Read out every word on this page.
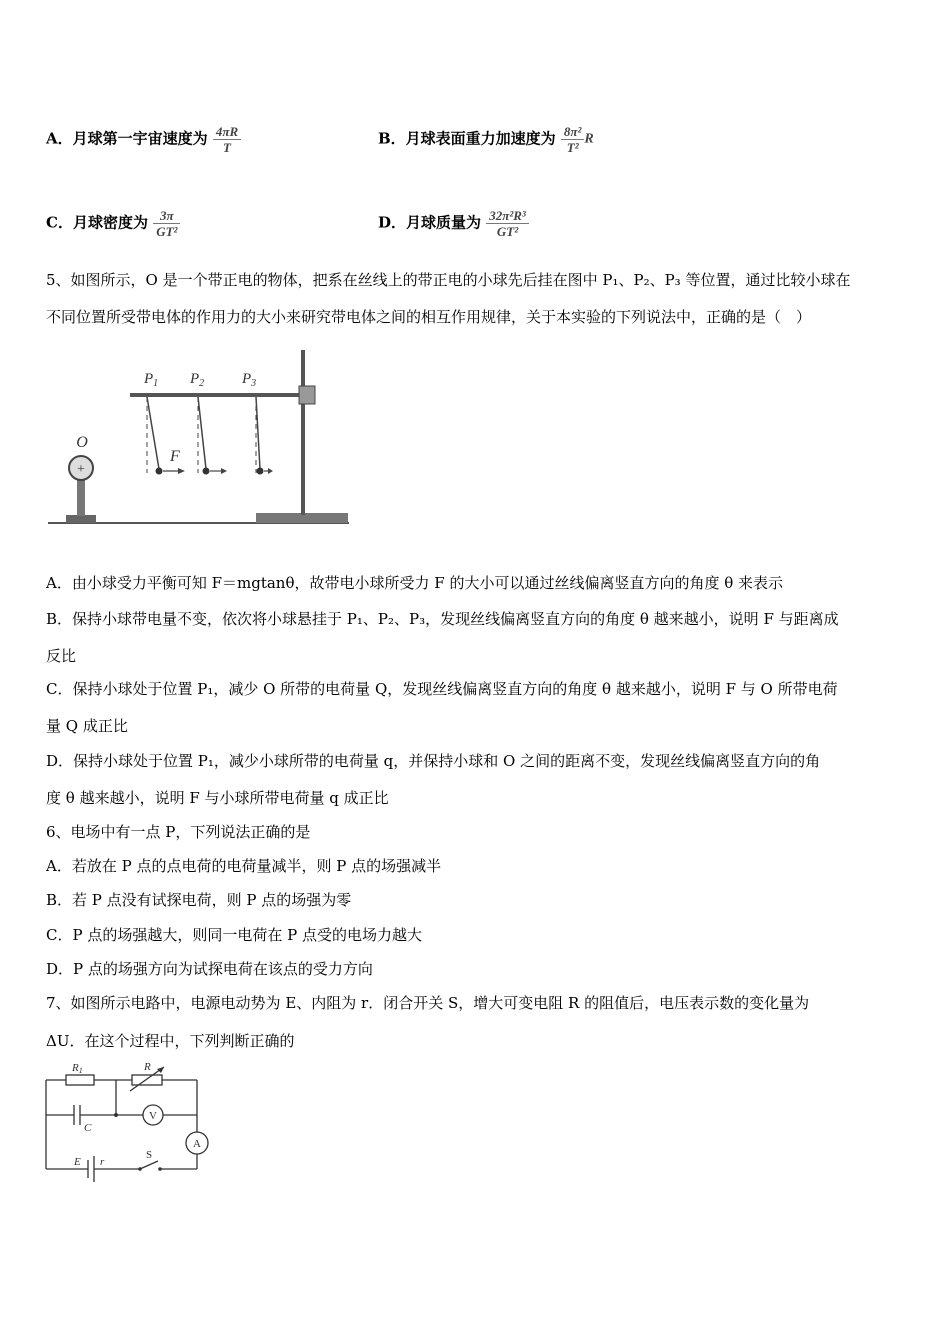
A．月球第一宇宙速度为 $\frac{4\pi R}{T}$	B．月球表面重力加速度为 $\frac{\text{8π²}}{\text{T²}}$ R
C．月球密度为 $\frac{3\pi}{\text{GT²}}$	D．月球质量为 $\frac{\text{32π²R³}}{\text{GT²}}$
5、如图所示，O 是一个带正电的物体，把系在丝线上的带正电的小球先后挂在图中 P₁、P₂、P₃ 等位置，通过比较小球在
不同位置所受带电体的作用力的大小来研究带电体之间的相互作用规律，关于本实验的下列说法中，正确的是（　）
+
O
$P_1$ $P_2$	$P_3$
F
A．由小球受力平衡可知 F＝mgtanθ，故带电小球所受力 F 的大小可以通过丝线偏离竖直方向的角度 θ 来表示
B．保持小球带电量不变，依次将小球悬挂于 P₁、P₂、P₃，发现丝线偏离竖直方向的角度 θ 越来越小，说明 F 与距离成
反比
C．保持小球处于位置 P₁，减少 O 所带的电荷量 Q，发现丝线偏离竖直方向的角度 θ 越来越小，说明 F 与 O 所带电荷
量 Q 成正比
D．保持小球处于位置 P₁，减少小球所带的电荷量 q，并保持小球和 O 之间的距离不变，发现丝线偏离竖直方向的角
度 θ 越来越小，说明 F 与小球所带电荷量 q 成正比
6、电场中有一点 P，下列说法正确的是
A．若放在 P 点的点电荷的电荷量减半，则 P 点的场强减半
B．若 P 点没有试探电荷，则 P 点的场强为零
C．P 点的场强越大，则同一电荷在 P 点受的电场力越大
D．P 点的场强方向为试探电荷在该点的受力方向
7、如图所示电路中，电源电动势为 E、内阻为 r．闭合开关 S，增大可变电阻 R 的阻值后，电压表示数的变化量为
ΔU．在这个过程中，下列判断正确的
V
A
R1	R
C
E r
S
